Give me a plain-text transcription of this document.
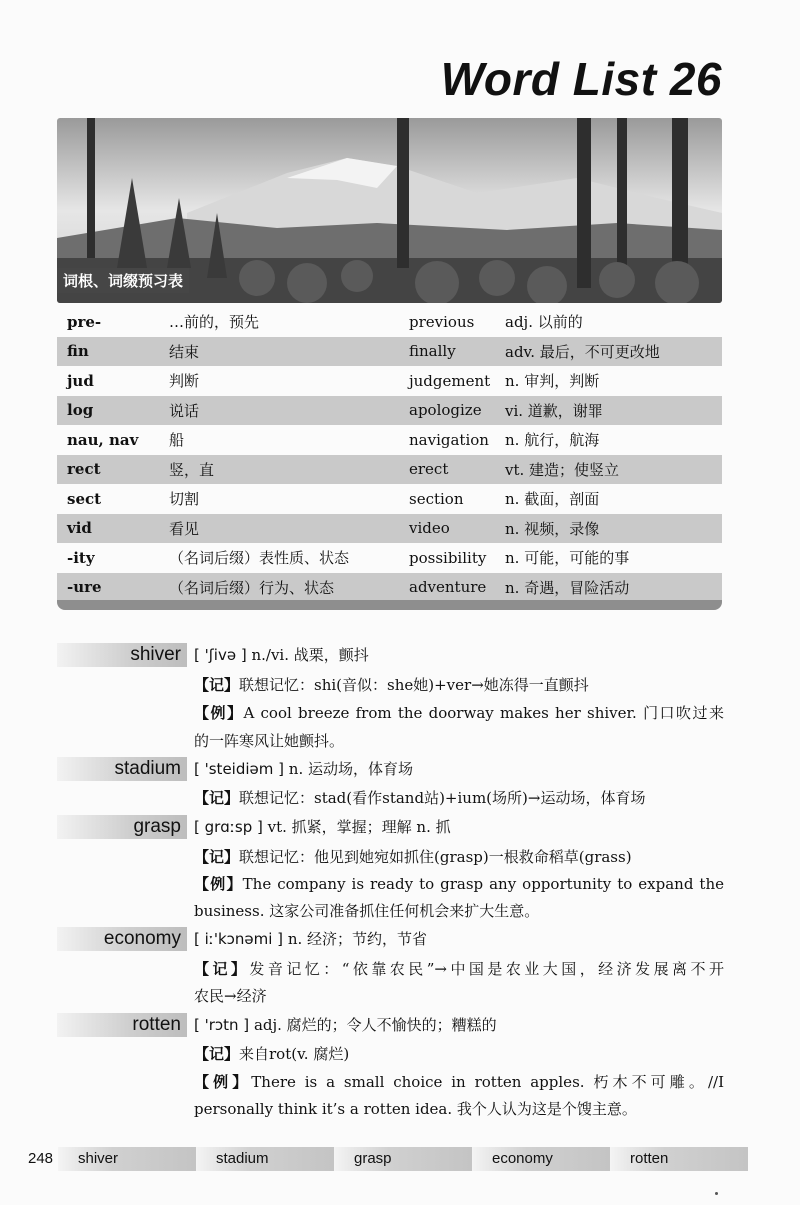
Word List 26
词根、词缀预习表
pre-	…前的，预先	previous	adj. 以前的
fin	结束	finally	adv. 最后，不可更改地
jud	判断	judgement	n. 审判，判断
log	说话	apologize	vi. 道歉，谢罪
nau, nav	船	navigation	n. 航行，航海
rect	竖，直	erect	vt. 建造；使竖立
sect	切割	section	n. 截面，剖面
vid	看见	video	n. 视频，录像
-ity	（名词后缀）表性质、状态	possibility	n. 可能，可能的事
-ure	（名词后缀）行为、状态	adventure	n. 奇遇，冒险活动
shiver [ 'ʃivə ] n./vi. 战栗，颤抖
【记】联想记忆：shi(音似：she她)+ver→她冻得一直颤抖
【例】A cool breeze from the doorway makes her shiver. 门口吹过来
的一阵寒风让她颤抖。
stadium [ 'steidiəm ] n. 运动场，体育场
【记】联想记忆：stad(看作stand站)+ium(场所)→运动场，体育场
grasp [ grɑːsp ] vt. 抓紧，掌握；理解 n. 抓
【记】联想记忆：他见到她宛如抓住(grasp)一根救命稻草(grass)
【例】The company is ready to grasp any opportunity to expand the
business. 这家公司准备抓住任何机会来扩大生意。
economy [ iː'kɔnəmi ] n. 经济；节约，节省
【记】发音记忆：“依靠农民”→中国是农业大国，经济发展离不开
农民→经济
rotten [ 'rɔtn ] adj. 腐烂的；令人不愉快的；糟糕的
【记】来自rot(v. 腐烂)
【例】There is a small choice in rotten apples. 朽木不可雕。//I
personally think it’s a rotten idea. 我个人认为这是个馊主意。
248	shiver	stadium	grasp	economy	rotten
